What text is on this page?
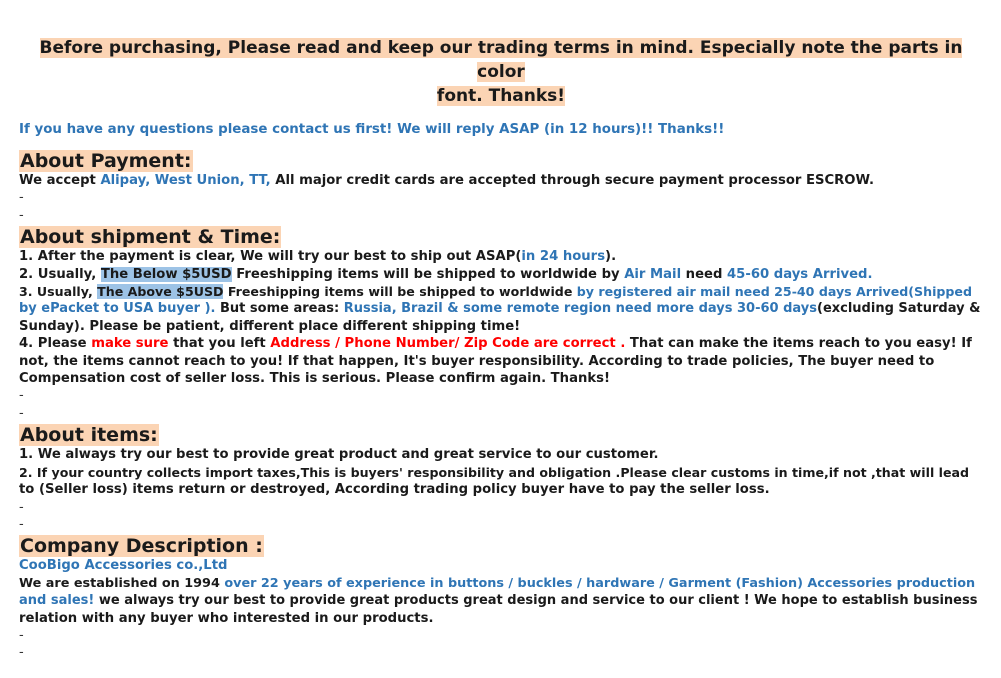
Before purchasing, Please read and keep our trading terms in mind. Especially note the parts in color
font. Thanks!
If you have any questions please contact us first! We will reply ASAP (in 12 hours)!! Thanks!!
About Payment:
We accept Alipay, West Union, TT, All major credit cards are accepted through secure payment processor ESCROW.
-
-
About shipment & Time:
1. After the payment is clear, We will try our best to ship out ASAP(in 24 hours).
2. Usually, The Below $5USD Freeshipping items will be shipped to worldwide by Air Mail need 45-60 days Arrived.
3. Usually, The Above $5USD Freeshipping items will be shipped to worldwide by registered air mail need 25-40 days Arrived(Shipped
by ePacket to USA buyer ). But some areas: Russia, Brazil & some remote region need more days 30-60 days(excluding Saturday &
Sunday). Please be patient, different place different shipping time!
4. Please make sure that you left Address / Phone Number/ Zip Code are correct . That can make the items reach to you easy! If
not, the items cannot reach to you! If that happen, It's buyer responsibility. According to trade policies, The buyer need to
Compensation cost of seller loss. This is serious. Please confirm again. Thanks!
-
-
About items:
1. We always try our best to provide great product and great service to our customer.
2. If your country collects import taxes,This is buyers' responsibility and obligation .Please clear customs in time,if not ,that will lead
to (Seller loss) items return or destroyed, According trading policy buyer have to pay the seller loss.
-
-
Company Description :
CooBigo Accessories co.,Ltd
We are established on 1994 over 22 years of experience in buttons / buckles / hardware / Garment (Fashion) Accessories production
and sales! we always try our best to provide great products great design and service to our client ! We hope to establish business
relation with any buyer who interested in our products.
-
-
